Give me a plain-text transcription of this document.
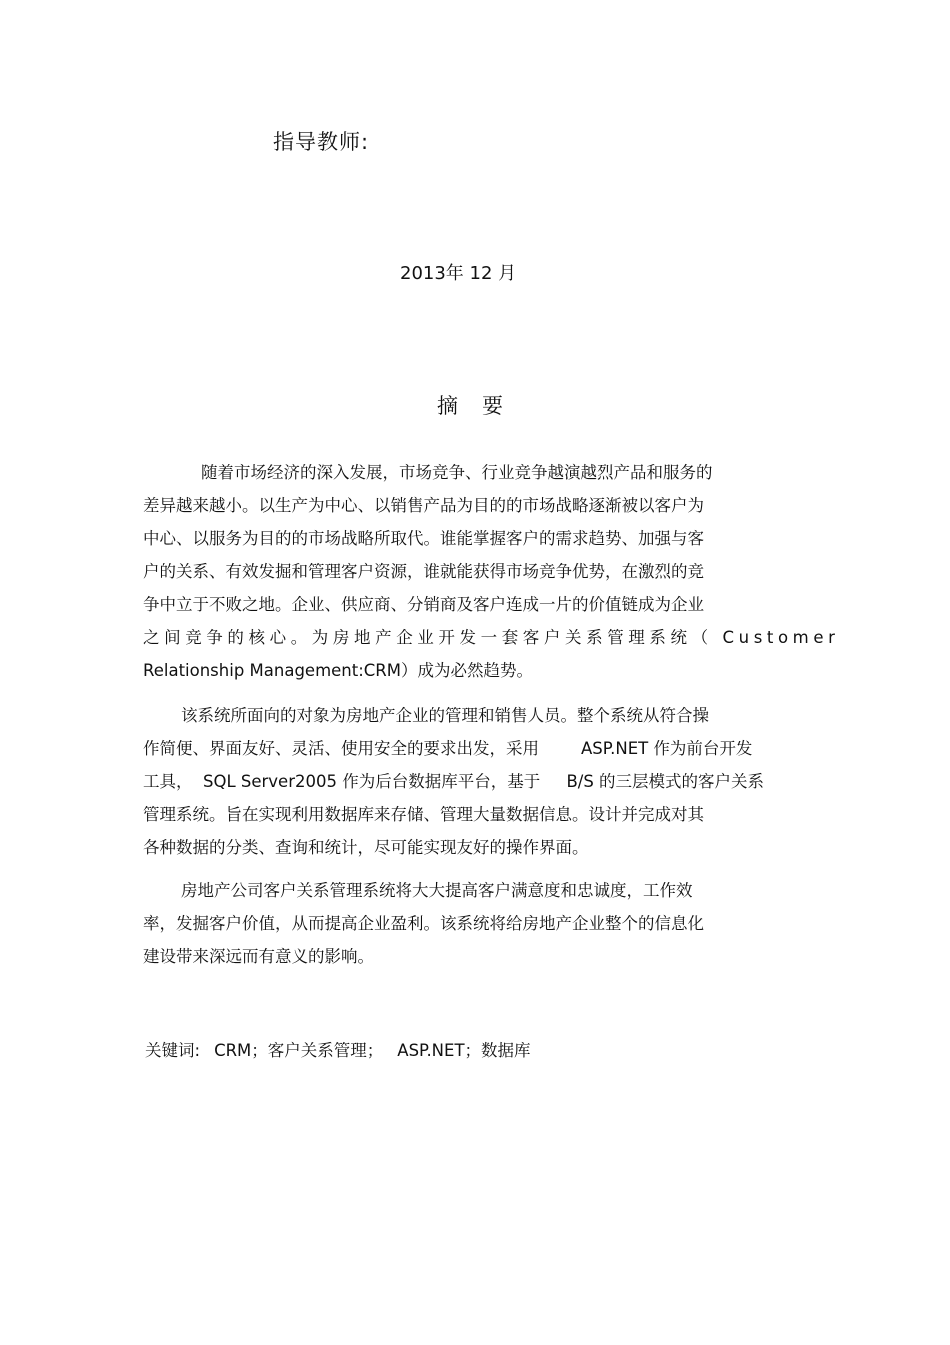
指导教师:
2013年 12 月
摘要
随着市场经济的深入发展，市场竞争、行业竞争越演越烈产品和服务的
差异越来越小。以生产为中心、以销售产品为目的的市场战略逐渐被以客户为
中心、以服务为目的的市场战略所取代。谁能掌握客户的需求趋势、加强与客
户的关系、有效发掘和管理客户资源，谁就能获得市场竞争优势，在激烈的竞
争中立于不败之地。企业、供应商、分销商及客户连成一片的价值链成为企业
之间竞争的核心。为房地产企业开发一套客户关系管理系统（ Customer
Relationship Management:CRM）成为必然趋势。
该系统所面向的对象为房地产企业的管理和销售人员。整个系统从符合操
作简便、界面友好、灵活、使用安全的要求出发，采用        ASP.NET 作为前台开发
工具，  SQL Server2005 作为后台数据库平台，基于     B/S 的三层模式的客户关系
管理系统。旨在实现利用数据库来存储、管理大量数据信息。设计并完成对其
各种数据的分类、查询和统计，尽可能实现友好的操作界面。
房地产公司客户关系管理系统将大大提高客户满意度和忠诚度，工作效
率，发掘客户价值，从而提高企业盈利。该系统将给房地产企业整个的信息化
建设带来深远而有意义的影响。
关键词: CRM；客户关系管理； ASP.NET；数据库
